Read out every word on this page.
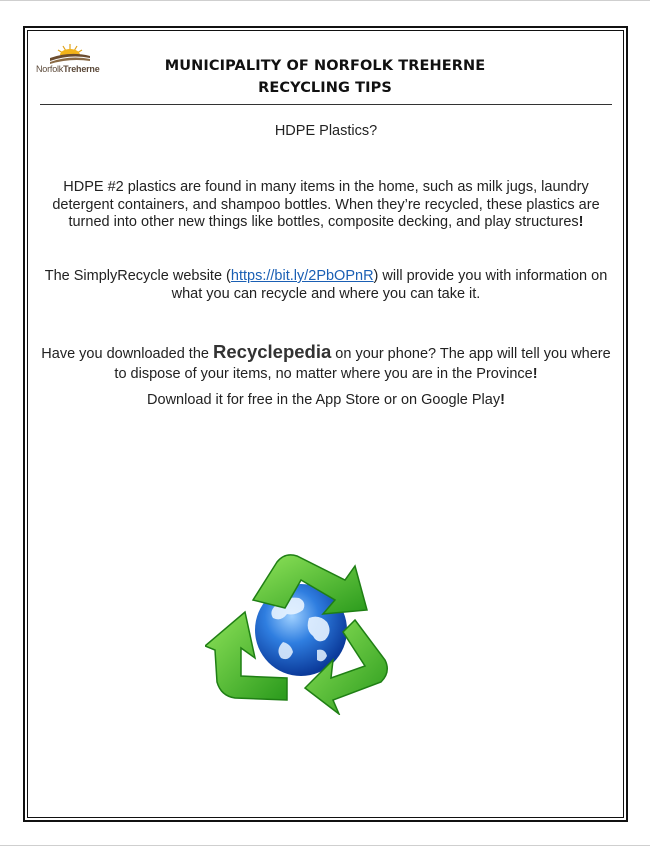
NorfolkTreherne	MUNICIPALITY OF NORFOLK TREHERNE
RECYCLING TIPS
HDPE Plastics?
HDPE #2 plastics are found in many items in the home, such as milk jugs, laundry detergent containers, and shampoo bottles. When they’re recycled, these plastics are turned into other new things like bottles, composite decking, and play structures!
The SimplyRecycle website (https://bit.ly/2PbOPnR) will provide you with information on what you can recycle and where you can take it.
Have you downloaded the Recyclepedia on your phone? The app will tell you where to dispose of your items, no matter where you are in the Province!
Download it for free in the App Store or on Google Play!
